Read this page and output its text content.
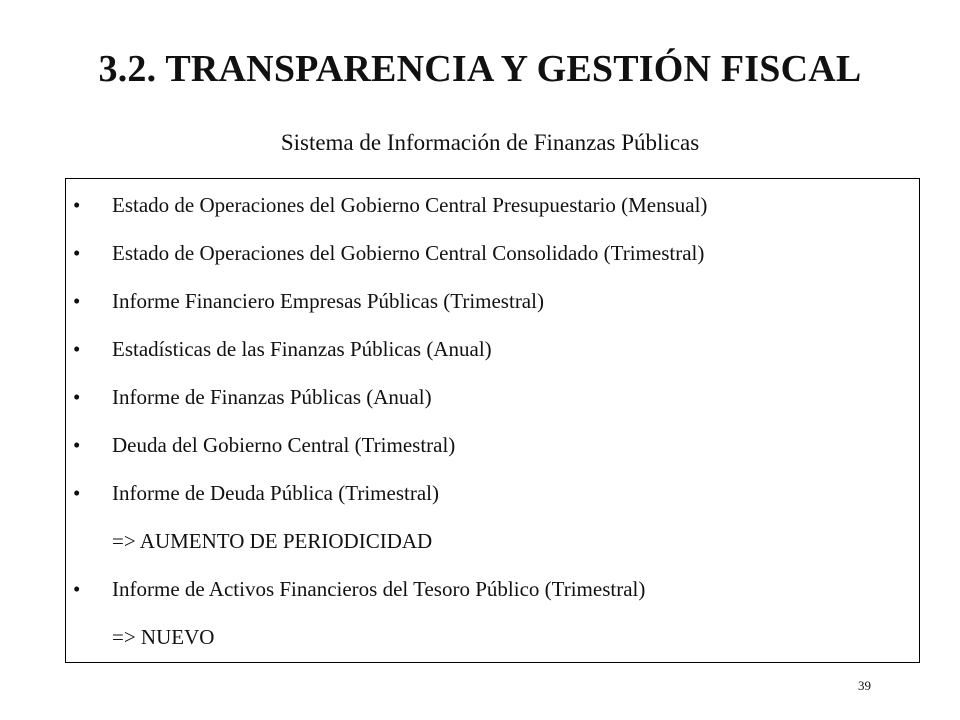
3.2. TRANSPARENCIA Y GESTIÓN FISCAL
Sistema de Información de Finanzas Públicas
• Estado de Operaciones del Gobierno Central Presupuestario (Mensual)
• Estado de Operaciones del Gobierno Central Consolidado (Trimestral)
• Informe Financiero Empresas Públicas (Trimestral)
• Estadísticas de las Finanzas Públicas (Anual)
• Informe de Finanzas Públicas (Anual)
• Deuda del Gobierno Central (Trimestral)
• Informe de Deuda Pública (Trimestral)
=> AUMENTO DE PERIODICIDAD
• Informe de Activos Financieros del Tesoro Público (Trimestral)
=> NUEVO
39
